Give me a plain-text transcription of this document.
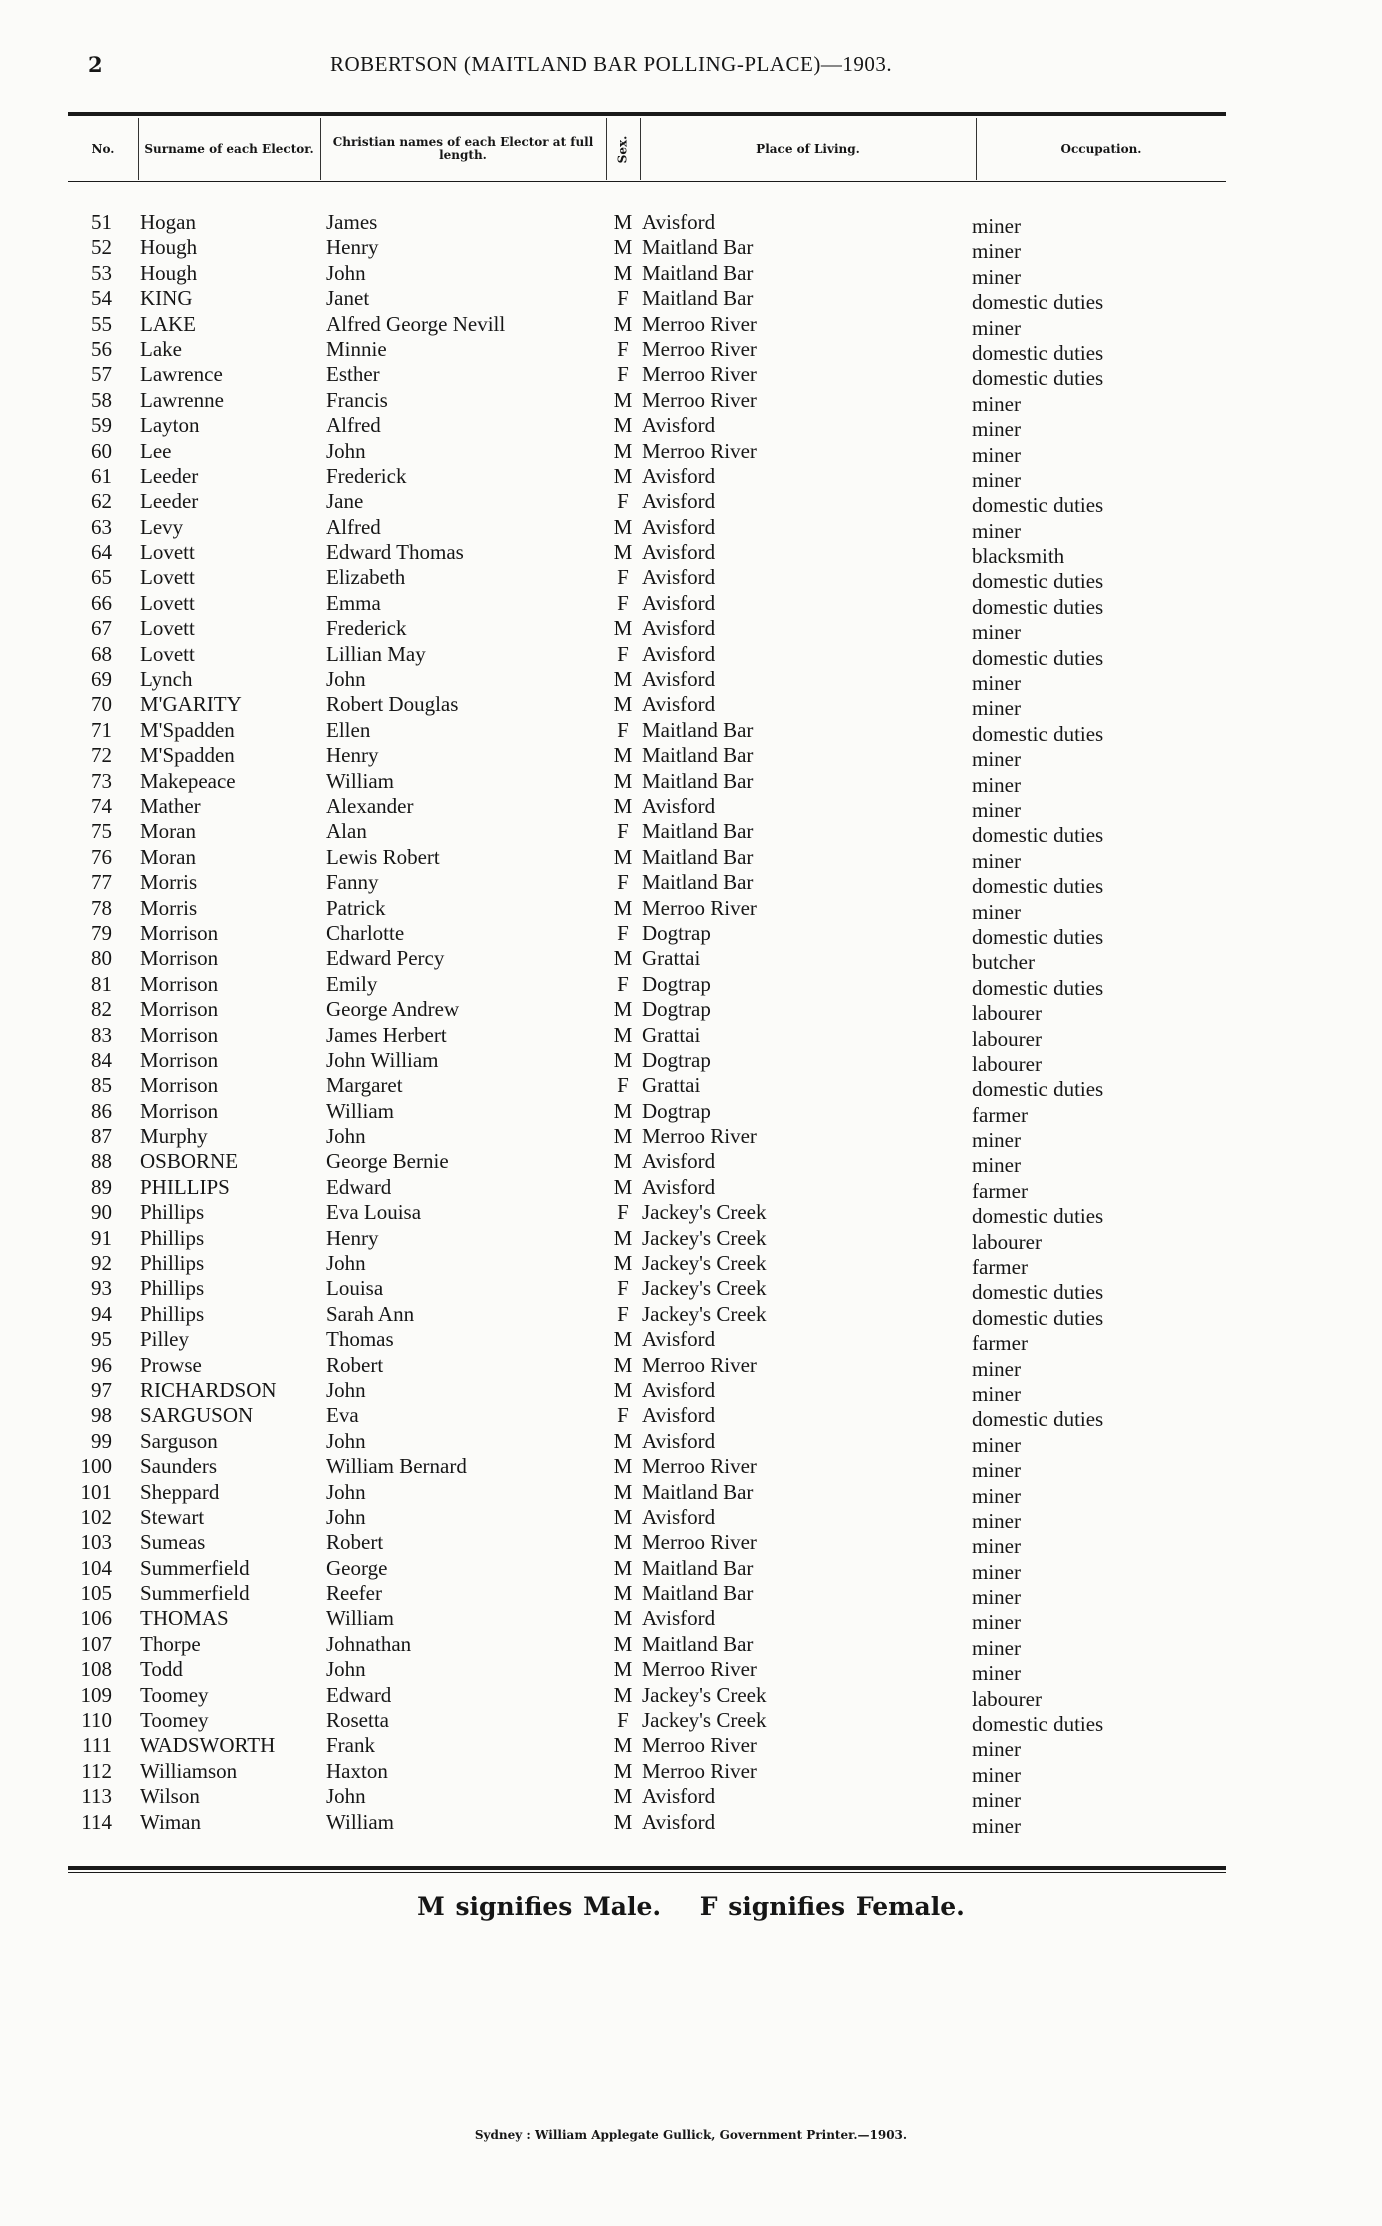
2	ROBERTSON (MAITLAND BAR POLLING-PLACE)—1903.
No.	Surname of each Elector.	Christian names of each Elector at full length.	Sex.	Place of Living.	Occupation.
51 Hogan	James	M Avisford	miner
52 Hough	Henry	M Maitland Bar	miner
53 Hough	John	M Maitland Bar	miner
54 KING	Janet	F Maitland Bar	domestic duties
55 LAKE	Alfred George Nevill	M Merroo River	miner
56 Lake	Minnie	F Merroo River	domestic duties
57 Lawrence	Esther	F Merroo River	domestic duties
58 Lawrenne	Francis	M Merroo River	miner
59 Layton	Alfred	M Avisford	miner
60 Lee	John	M Merroo River	miner
61 Leeder	Frederick	M Avisford	miner
62 Leeder	Jane	F Avisford	domestic duties
63 Levy	Alfred	M Avisford	miner
64 Lovett	Edward Thomas	M Avisford	blacksmith
65 Lovett	Elizabeth	F Avisford	domestic duties
66 Lovett	Emma	F Avisford	domestic duties
67 Lovett	Frederick	M Avisford	miner
68 Lovett	Lillian May	F Avisford	domestic duties
69 Lynch	John	M Avisford	miner
70 M'GARITY	Robert Douglas	M Avisford	miner
71 M'Spadden	Ellen	F Maitland Bar	domestic duties
72 M'Spadden	Henry	M Maitland Bar	miner
73 Makepeace	William	M Maitland Bar	miner
74 Mather	Alexander	M Avisford	miner
75 Moran	Alan	F Maitland Bar	domestic duties
76 Moran	Lewis Robert	M Maitland Bar	miner
77 Morris	Fanny	F Maitland Bar	domestic duties
78 Morris	Patrick	M Merroo River	miner
79 Morrison	Charlotte	F Dogtrap	domestic duties
80 Morrison	Edward Percy	M Grattai	butcher
81 Morrison	Emily	F Dogtrap	domestic duties
82 Morrison	George Andrew	M Dogtrap	labourer
83 Morrison	James Herbert	M Grattai	labourer
84 Morrison	John William	M Dogtrap	labourer
85 Morrison	Margaret	F Grattai	domestic duties
86 Morrison	William	M Dogtrap	farmer
87 Murphy	John	M Merroo River	miner
88 OSBORNE	George Bernie	M Avisford	miner
89 PHILLIPS	Edward	M Avisford	farmer
90 Phillips	Eva Louisa	F Jackey's Creek	domestic duties
91 Phillips	Henry	M Jackey's Creek	labourer
92 Phillips	John	M Jackey's Creek	farmer
93 Phillips	Louisa	F Jackey's Creek	domestic duties
94 Phillips	Sarah Ann	F Jackey's Creek	domestic duties
95 Pilley	Thomas	M Avisford	farmer
96 Prowse	Robert	M Merroo River	miner
97 RICHARDSON John	M Avisford	miner
98 SARGUSON	Eva	F Avisford	domestic duties
99 Sarguson	John	M Avisford	miner
100 Saunders	William Bernard	M Merroo River	miner
101 Sheppard	John	M Maitland Bar	miner
102 Stewart	John	M Avisford	miner
103 Sumeas	Robert	M Merroo River	miner
104 Summerfield	George	M Maitland Bar	miner
105 Summerfield	Reefer	M Maitland Bar	miner
106 THOMAS	William	M Avisford	miner
107 Thorpe	Johnathan	M Maitland Bar	miner
108 Todd	John	M Merroo River	miner
109 Toomey	Edward	M Jackey's Creek	labourer
110 Toomey	Rosetta	F Jackey's Creek	domestic duties
111 WADSWORTH Frank	M Merroo River	miner
112 Williamson	Haxton	M Merroo River	miner
113 Wilson	John	M Avisford	miner
114 Wiman	William	M Avisford	miner
M signifies Male. F signifies Female.
Sydney : William Applegate Gullick, Government Printer.—1903.
